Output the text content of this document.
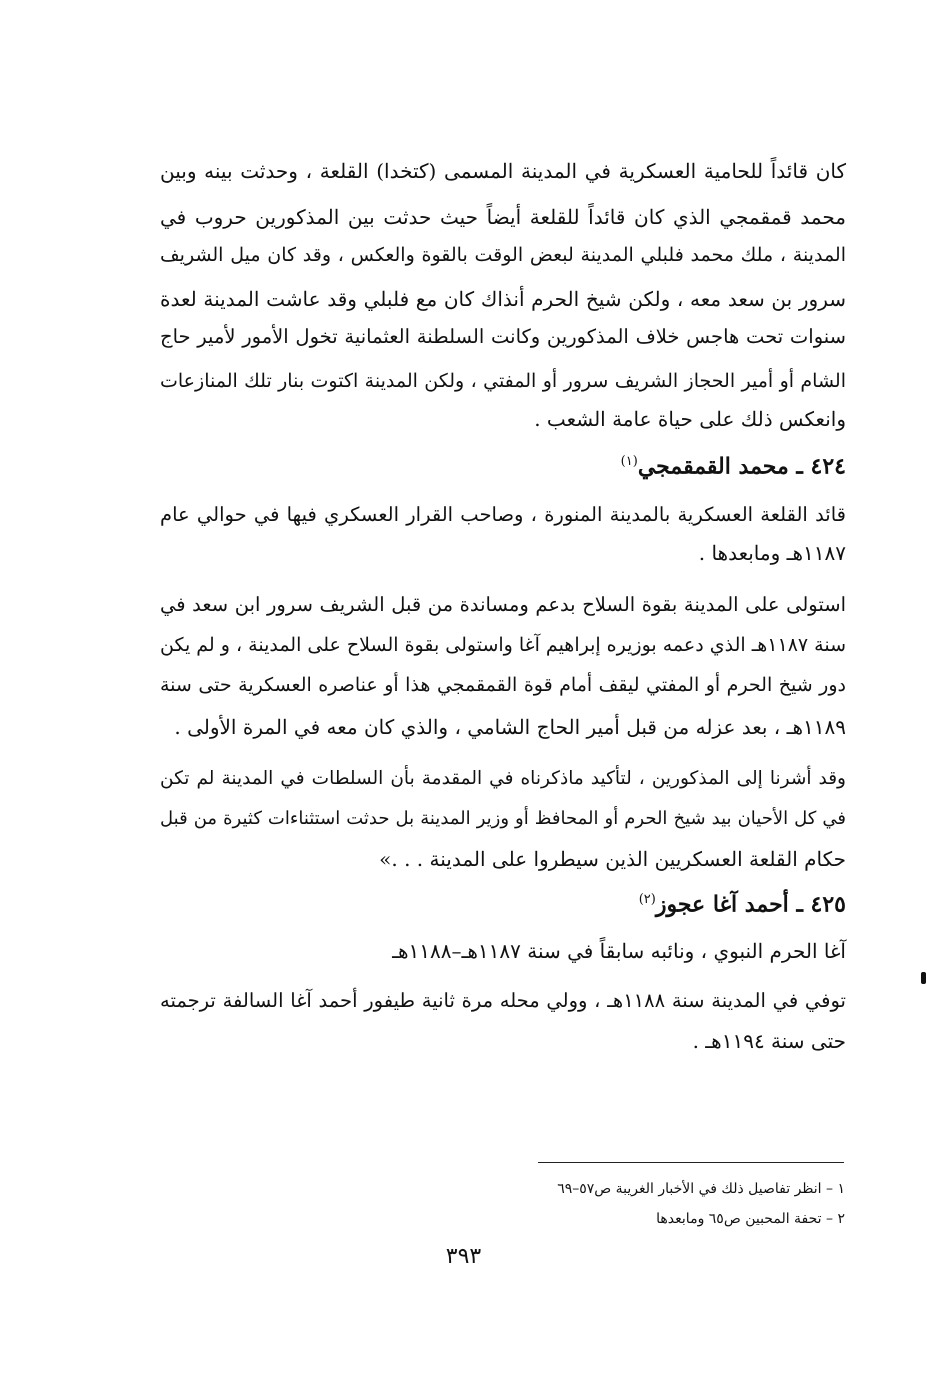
كان قائداً للحامية العسكرية في المدينة المسمى (كتخدا) القلعة ، وحدثت بينه وبين
محمد قمقمجي الذي كان قائداً للقلعة أيضاً حيث حدثت بين المذكورين حروب في
المدينة ، ملك محمد فلبلي المدينة لبعض الوقت بالقوة والعكس ، وقد كان ميل الشريف
سرور بن سعد معه ، ولكن شيخ الحرم أنذاك كان مع فلبلي وقد عاشت المدينة لعدة
سنوات تحت هاجس خلاف المذكورين وكانت السلطنة العثمانية تخول الأمور لأمير حاج
الشام أو أمير الحجاز الشريف سرور أو المفتي ، ولكن المدينة اكتوت بنار تلك المنازعات
وانعكس ذلك على حياة عامة الشعب .
٤٢٤ ـ محمد القمقمجي$^{(١)}$
قائد القلعة العسكرية بالمدينة المنورة ، وصاحب القرار العسكري فيها في حوالي عام
١١٨٧هـ ومابعدها .
استولى على المدينة بقوة السلاح بدعم ومساندة من قبل الشريف سرور ابن سعد في
سنة ١١٨٧هـ الذي دعمه بوزيره إبراهيم آغا واستولى بقوة السلاح على المدينة ، و لم يكن
دور شيخ الحرم أو المفتي ليقف أمام قوة القمقمجي هذا أو عناصره العسكرية حتى سنة
١١٨٩هـ ، بعد عزله من قبل أمير الحاج الشامي ، والذي كان معه في المرة الأولى .
وقد أشرنا إلى المذكورين ، لتأكيد ماذكرناه في المقدمة بأن السلطات في المدينة لم تكن
في كل الأحيان بيد شيخ الحرم أو المحافظ أو وزير المدينة بل حدثت استثناءات كثيرة من قبل
حكام القلعة العسكريين الذين سيطروا على المدينة . . .»
٤٢٥ ـ أحمد آغا عجوز$^{(٢)}$
آغا الحرم النبوي ، ونائبه سابقاً في سنة ١١٨٧هـ–١١٨٨هـ
توفي في المدينة سنة ١١٨٨هـ ، وولي محله مرة ثانية طيفور أحمد آغا السالفة ترجمته
حتى سنة ١١٩٤هـ .
١ – انظر تفاصيل ذلك في الأخبار الغريبة ص٥٧–٦٩
٢ – تحفة المحبين ص٦٥ ومابعدها
٣٩٣
